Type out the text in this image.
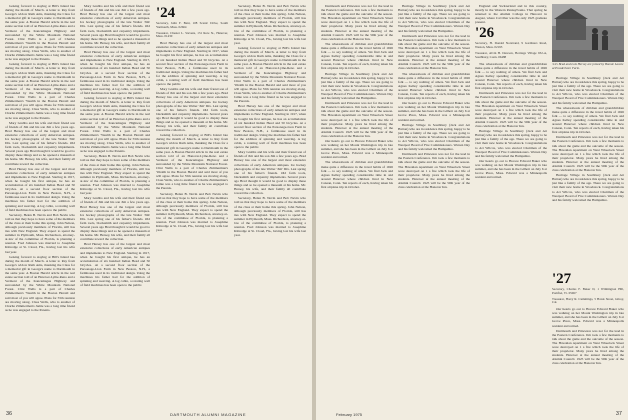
looking forward to staying at Bill's Island late during the month of March. A letter to Ray from George's widow Ruth Ams, thanking the Class for a memorial gift in George's name to Dartmouth in the same year. A Boston Herald article in the real estate section told of an Hanover-Lyme-Reno and a Vermont of the Kancamagus Highway and surrounded by the White Mountain National Forest. Clint Wells is a part of Charles Zimmerman's 'Wealth in the Boston Herald and said most of you will agree. Plans for 55th reunion are moving along. Class Wells, who is another of Charlie Zimmerman's Jamie was a long time friend as he was engaged to the Parents.

looking forward to staying at Bill's Island late during the month of March. A letter to Ray from George's widow Ruth Ams, thanking the Class for a memorial gift in George's name to Dartmouth in the same year. A Boston Herald article in the real estate section told of an Hanover-Lyme-Reno and a Vermont of the Kancamagus Highway and surrounded by the White Mountain National Forest. Clint Wells is a part of Charles Zimmerman's 'Wealth in the Boston Herald and said most of you will agree. Plans for 55th reunion are moving along. Class Wells, who is another of Charlie Zimmerman's Jamie was a long time friend as he was engaged to the Parents.

Mary Grubbs and his wife and their friend son of friends of Jim and his son Jim a few years ago. Brad Hersey has one of the largest and most extensive collections of early American antiques. Ice hockey photographs of the late Walter 'Jim' Dix. Last spring one of his father's friends. Old farm tools, blacksmith and carpentry implements. Several years ago Brad thought it would be good to display these things and so he opened a museum at his home. Mr. Hersey, his wife, and their family all contribute toward the collection.

Brad Hersey has one of the largest and most extensive collections of early American antiques and implements to New England. Starting in 1917, when he bought his first antique, he has an accumulation of six hundred Indian Head and 50 bicycles. At a second floor section of the Parsonage-Lion Farm in New Boston, N.H., a farmhouse used in its traditional design. Using the machines his father had for the addition of spinning and weaving. A log cabin, a rotating well of field machines has been open to the public.

Secretary, Helen B. Nevin and Bob Nevin who told us that they hope to have some of the members of the class at their home this spring. John Nelson, although previously members of Florida, still has ties with New England. They expect to spend the summer in Plymouth, Mass. Richardson, attorney-at-law of the committee of Florida, is planning a reunion. Fred Johnson was married to Josephine Kittredge at St. Cloud, Fla., having lost his wife last year.

looking forward to staying at Bill's Island late during the month of March. A letter to Ray from George's widow Ruth Ams, thanking the Class for a memorial gift in George's name to Dartmouth in the same year. A Boston Herald article in the real estate section told of an Hanover-Lyme-Reno and a Vermont of the Kancamagus Highway and surrounded by the White Mountain National Forest. Clint Wells is a part of Charles Zimmerman's 'Wealth in the Boston Herald and said most of you will agree. Plans for 55th reunion are moving along. Class Wells, who is another of Charlie Zimmerman's Jamie was a long time friend as he was engaged to the Parents.

Mary Grubbs and his wife and their friend son of friends of Jim and his son Jim a few years ago. Brad Hersey has one of the largest and most extensive collections of early American antiques. Ice hockey photographs of the late Walter 'Jim' Dix. Last spring one of his father's friends. Old farm tools, blacksmith and carpentry implements. Several years ago Brad thought it would be good to display these things and so he opened a museum at his home. Mr. Hersey, his wife, and their family all contribute toward the collection.

Brad Hersey has one of the largest and most extensive collections of early American antiques and implements to New England. Starting in 1917, when he bought his first antique, he has an accumulation of six hundred Indian Head and 50 bicycles. At a second floor section of the Parsonage-Lion Farm in New Boston, N.H., a farmhouse used in its traditional design. Using the machines his father had for the addition of spinning and weaving. A log cabin, a rotating well of field machines has been open to the public.

looking forward to staying at Bill's Island late during the month of March. A letter to Ray from George's widow Ruth Ams, thanking the Class for a memorial gift in George's name to Dartmouth in the same year. A Boston Herald article in the real estate section told of an Hanover-Lyme-Reno and a Vermont of the Kancamagus Highway and surrounded by the White Mountain National Forest. Clint Wells is a part of Charles Zimmerman's 'Wealth in the Boston Herald and said most of you will agree. Plans for 55th reunion are moving along. Class Wells, who is another of Charlie Zimmerman's Jamie was a long time friend as he was engaged to the Parents.

Secretary, Helen B. Nevin and Bob Nevin who told us that they hope to have some of the members of the class at their home this spring. John Nelson, although previously members of Florida, still has ties with New England. They expect to spend the summer in Plymouth, Mass. Richardson, attorney-at-law of the committee of Florida, is planning a reunion. Fred Johnson was married to Josephine Kittredge at St. Cloud, Fla., having lost his wife last year.

Mary Grubbs and his wife and their friend son of friends of Jim and his son Jim a few years ago. Brad Hersey has one of the largest and most extensive collections of early American antiques. Ice hockey photographs of the late Walter 'Jim' Dix. Last spring one of his father's friends. Old farm tools, blacksmith and carpentry implements. Several years ago Brad thought it would be good to display these things and so he opened a museum at his home. Mr. Hersey, his wife, and their family all contribute toward the collection.

Brad Hersey has one of the largest and most extensive collections of early American antiques and implements to New England. Starting in 1917, when he bought his first antique, he has an accumulation of six hundred Indian Head and 50 bicycles. At a second floor section of the Parsonage-Lion Farm in New Boston, N.H., a farmhouse used in its traditional design. Using the machines his father had for the addition of spinning and weaving. A log cabin, a rotating well of field machines has been open to the public.

'24
Secretary, John F. Bent, 108 Scenic Drive, South Yarmouth, Mass. 02664
Treasurer, Chester L. Stevens, 131 Rote St., Hanover, Mass. 01430

Brad Hersey has one of the largest and most extensive collections of early American antiques and implements to New England. Starting in 1917, when he bought his first antique, he has an accumulation of six hundred Indian Head and 50 bicycles. At a second floor section of the Parsonage-Lion Farm in New Boston, N.H., a farmhouse used in its traditional design. Using the machines his father had for the addition of spinning and weaving. A log cabin, a rotating well of field machines has been open to the public.

Mary Grubbs and his wife and their friend son of friends of Jim and his son Jim a few years ago. Brad Hersey has one of the largest and most extensive collections of early American antiques. Ice hockey photographs of the late Walter 'Jim' Dix. Last spring one of his father's friends. Old farm tools, blacksmith and carpentry implements. Several years ago Brad thought it would be good to display these things and so he opened a museum at his home. Mr. Hersey, his wife, and their family all contribute toward the collection.

looking forward to staying at Bill's Island late during the month of March. A letter to Ray from George's widow Ruth Ams, thanking the Class for a memorial gift in George's name to Dartmouth in the same year. A Boston Herald article in the real estate section told of an Hanover-Lyme-Reno and a Vermont of the Kancamagus Highway and surrounded by the White Mountain National Forest. Clint Wells is a part of Charles Zimmerman's 'Wealth in the Boston Herald and said most of you will agree. Plans for 55th reunion are moving along. Class Wells, who is another of Charlie Zimmerman's Jamie was a long time friend as he was engaged to the Parents.

Secretary, Helen B. Nevin and Bob Nevin who told us that they hope to have some of the members of the class at their home this spring. John Nelson, although previously members of Florida, still has ties with New England. They expect to spend the summer in Plymouth, Mass. Richardson, attorney-at-law of the committee of Florida, is planning a reunion. Fred Johnson was married to Josephine Kittredge at St. Cloud, Fla., having lost his wife last year.

Secretary, Helen B. Nevin and Bob Nevin who told us that they hope to have some of the members of the class at their home this spring. John Nelson, although previously members of Florida, still has ties with New England. They expect to spend the summer in Plymouth, Mass. Richardson, attorney-at-law of the committee of Florida, is planning a reunion. Fred Johnson was married to Josephine Kittredge at St. Cloud, Fla., having lost his wife last year.

looking forward to staying at Bill's Island late during the month of March. A letter to Ray from George's widow Ruth Ams, thanking the Class for a memorial gift in George's name to Dartmouth in the same year. A Boston Herald article in the real estate section told of an Hanover-Lyme-Reno and a Vermont of the Kancamagus Highway and surrounded by the White Mountain National Forest. Clint Wells is a part of Charles Zimmerman's 'Wealth in the Boston Herald and said most of you will agree. Plans for 55th reunion are moving along. Class Wells, who is another of Charlie Zimmerman's Jamie was a long time friend as he was engaged to the Parents.

Brad Hersey has one of the largest and most extensive collections of early American antiques and implements to New England. Starting in 1917, when he bought his first antique, he has an accumulation of six hundred Indian Head and 50 bicycles. At a second floor section of the Parsonage-Lion Farm in New Boston, N.H., a farmhouse used in its traditional design. Using the machines his father had for the addition of spinning and weaving. A log cabin, a rotating well of field machines has been open to the public.

Mary Grubbs and his wife and their friend son of friends of Jim and his son Jim a few years ago. Brad Hersey has one of the largest and most extensive collections of early American antiques. Ice hockey photographs of the late Walter 'Jim' Dix. Last spring one of his father's friends. Old farm tools, blacksmith and carpentry implements. Several years ago Brad thought it would be good to display these things and so he opened a museum at his home. Mr. Hersey, his wife, and their family all contribute toward the collection.

Secretary, Helen B. Nevin and Bob Nevin who told us that they hope to have some of the members of the class at their home this spring. John Nelson, although previously members of Florida, still has ties with New England. They expect to spend the summer in Plymouth, Mass. Richardson, attorney-at-law of the committee of Florida, is planning a reunion. Fred Johnson was married to Josephine Kittredge at St. Cloud, Fla., having lost his wife last year.

36	DARTMOUTH ALUMNI MAGAZINE

Dartmouth and Princeton was not for the lead in the Eastern Conference. Jim took a few moments to talk about the game and the outcome of the season. The Hawaiian Apartment on West Wheelock Street were destroyed on 1 a fire which took the life of their proprietor. Many years he lived among the students. Hanover at the annual meeting of the Alumni Council. 1925 will be the 50th year of the class celebration at the Hanover Inn.

The whereabouts of children and grandchildren make quite a difference in the travel habits of 1926 folk — to say nothing of others. We find Jack and Agnes Kelley spending considerable time in and around Hanover where children lived in New Canaan, Conn. Ten reports of each, having taken his first airplane trip in October.

Heritage Village in Southbury (Jack and Art Hatton) who are in residence this spring, happy to be just like a family of the age. There we are going to visit their new home in Woodstock. Congratulations to Art Wilcox, who was elected Chairman of the Westport Board of Fire Commissioners. Warren Day and his family welcomed the Hampshire.

Dartmouth and Princeton was not for the lead in the Eastern Conference. Jim took a few moments to talk about the game and the outcome of the season. The Hawaiian Apartment on West Wheelock Street were destroyed on 1 a fire which took the life of their proprietor. Many years he lived among the students. Hanover at the annual meeting of the Alumni Council. 1925 will be the 50th year of the class celebration at the Hanover Inn.

Our hearts go out to Horace Edward Baker who was walking on her Mount Washington trip in late summer, and she has been in the Gilbert on July 6 at Grove Place, Mass. Edward was a Minneapolis resident and retired.

The whereabouts of children and grandchildren make quite a difference in the travel habits of 1926 folk — to say nothing of others. We find Jack and Agnes Kelley spending considerable time in and around Hanover where children lived in New Canaan, Conn. Ten reports of each, having taken his first airplane trip in October.

Heritage Village in Southbury (Jack and Art Hatton) who are in residence this spring, happy to be just like a family of the age. There we are going to visit their new home in Woodstock. Congratulations to Art Wilcox, who was elected Chairman of the Westport Board of Fire Commissioners. Warren Day and his family welcomed the Hampshire.

Dartmouth and Princeton was not for the lead in the Eastern Conference. Jim took a few moments to talk about the game and the outcome of the season. The Hawaiian Apartment on West Wheelock Street were destroyed on 1 a fire which took the life of their proprietor. Many years he lived among the students. Hanover at the annual meeting of the Alumni Council. 1925 will be the 50th year of the class celebration at the Hanover Inn.

The whereabouts of children and grandchildren make quite a difference in the travel habits of 1926 folk — to say nothing of others. We find Jack and Agnes Kelley spending considerable time in and around Hanover where children lived in New Canaan, Conn. Ten reports of each, having taken his first airplane trip in October.

Our hearts go out to Horace Edward Baker who was walking on her Mount Washington trip in late summer, and she has been in the Gilbert on July 6 at Grove Place, Mass. Edward was a Minneapolis resident and retired.

Heritage Village in Southbury (Jack and Art Hatton) who are in residence this spring, happy to be just like a family of the age. There we are going to visit their new home in Woodstock. Congratulations to Art Wilcox, who was elected Chairman of the Westport Board of Fire Commissioners. Warren Day and his family welcomed the Hampshire.

Dartmouth and Princeton was not for the lead in the Eastern Conference. Jim took a few moments to talk about the game and the outcome of the season. The Hawaiian Apartment on West Wheelock Street were destroyed on 1 a fire which took the life of their proprietor. Many years he lived among the students. Hanover at the annual meeting of the Alumni Council. 1925 will be the 50th year of the class celebration at the Hanover Inn.

England and Switzerland and in this country, mostly in the Western Pennsylvania. That spring he returned to the Alumni College in Hanover in August, where Cal Ober was the only 1925 graduate present.

'26
Secretary, H. Donald Norstrand, 9 Gardiners Road, Weston, Mass. 02193
Treasurer, Alvin H. Dawson, Heritage Village 932-A, Southbury, Conn. 06488

The whereabouts of children and grandchildren make quite a difference in the travel habits of 1926 folk — to say nothing of others. We find Jack and Agnes Kelley spending considerable time in and around Hanover where children lived in New Canaan, Conn. Ten reports of each, having taken his first airplane trip in October.

Dartmouth and Princeton was not for the lead in the Eastern Conference. Jim took a few moments to talk about the game and the outcome of the season. The Hawaiian Apartment on West Wheelock Street were destroyed on 1 a fire which took the life of their proprietor. Many years he lived among the students. Hanover at the annual meeting of the Alumni Council. 1925 will be the 50th year of the class celebration at the Hanover Inn.

Heritage Village in Southbury (Jack and Art Hatton) who are in residence this spring, happy to be just like a family of the age. There we are going to visit their new home in Woodstock. Congratulations to Art Wilcox, who was elected Chairman of the Westport Board of Fire Commissioners. Warren Day and his family welcomed the Hampshire.

Our hearts go out to Horace Edward Baker who was walking on her Mount Washington trip in late summer, and she has been in the Gilbert on July 6 at Grove Place, Mass. Edward was a Minneapolis resident and retired.

'24's Brad and Lois Hersey are joined by Bonnie Lavoie at Powderhorn Farm.

Heritage Village in Southbury (Jack and Art Hatton) who are in residence this spring, happy to be just like a family of the age. There we are going to visit their new home in Woodstock. Congratulations to Art Wilcox, who was elected Chairman of the Westport Board of Fire Commissioners. Warren Day and his family welcomed the Hampshire.

The whereabouts of children and grandchildren make quite a difference in the travel habits of 1926 folk — to say nothing of others. We find Jack and Agnes Kelley spending considerable time in and around Hanover where children lived in New Canaan, Conn. Ten reports of each, having taken his first airplane trip in October.

Dartmouth and Princeton was not for the lead in the Eastern Conference. Jim took a few moments to talk about the game and the outcome of the season. The Hawaiian Apartment on West Wheelock Street were destroyed on 1 a fire which took the life of their proprietor. Many years he lived among the students. Hanover at the annual meeting of the Alumni Council. 1925 will be the 50th year of the class celebration at the Hanover Inn.

Heritage Village in Southbury (Jack and Art Hatton) who are in residence this spring, happy to be just like a family of the age. There we are going to visit their new home in Woodstock. Congratulations to Art Wilcox, who was elected Chairman of the Westport Board of Fire Commissioners. Warren Day and his family welcomed the Hampshire.

'27
Secretary, Charles F. Baker II, 1 Wilmington Hill, Pomfret, Vt. 05067
Treasurer, Harry R. Cummings, 5 Hawk Street, Gilroy, Cal.

Our hearts go out to Horace Edward Baker who was walking on her Mount Washington trip in late summer, and she has been in the Gilbert on July 6 at Grove Place, Mass. Edward was a Minneapolis resident and retired.

Dartmouth and Princeton was not for the lead in the Eastern Conference. Jim took a few moments to talk about the game and the outcome of the season. The Hawaiian Apartment on West Wheelock Street were destroyed on 1 a fire which took the life of their proprietor. Many years he lived among the students. Hanover at the annual meeting of the Alumni Council. 1925 will be the 50th year of the class celebration at the Hanover Inn.

February 1975	37
